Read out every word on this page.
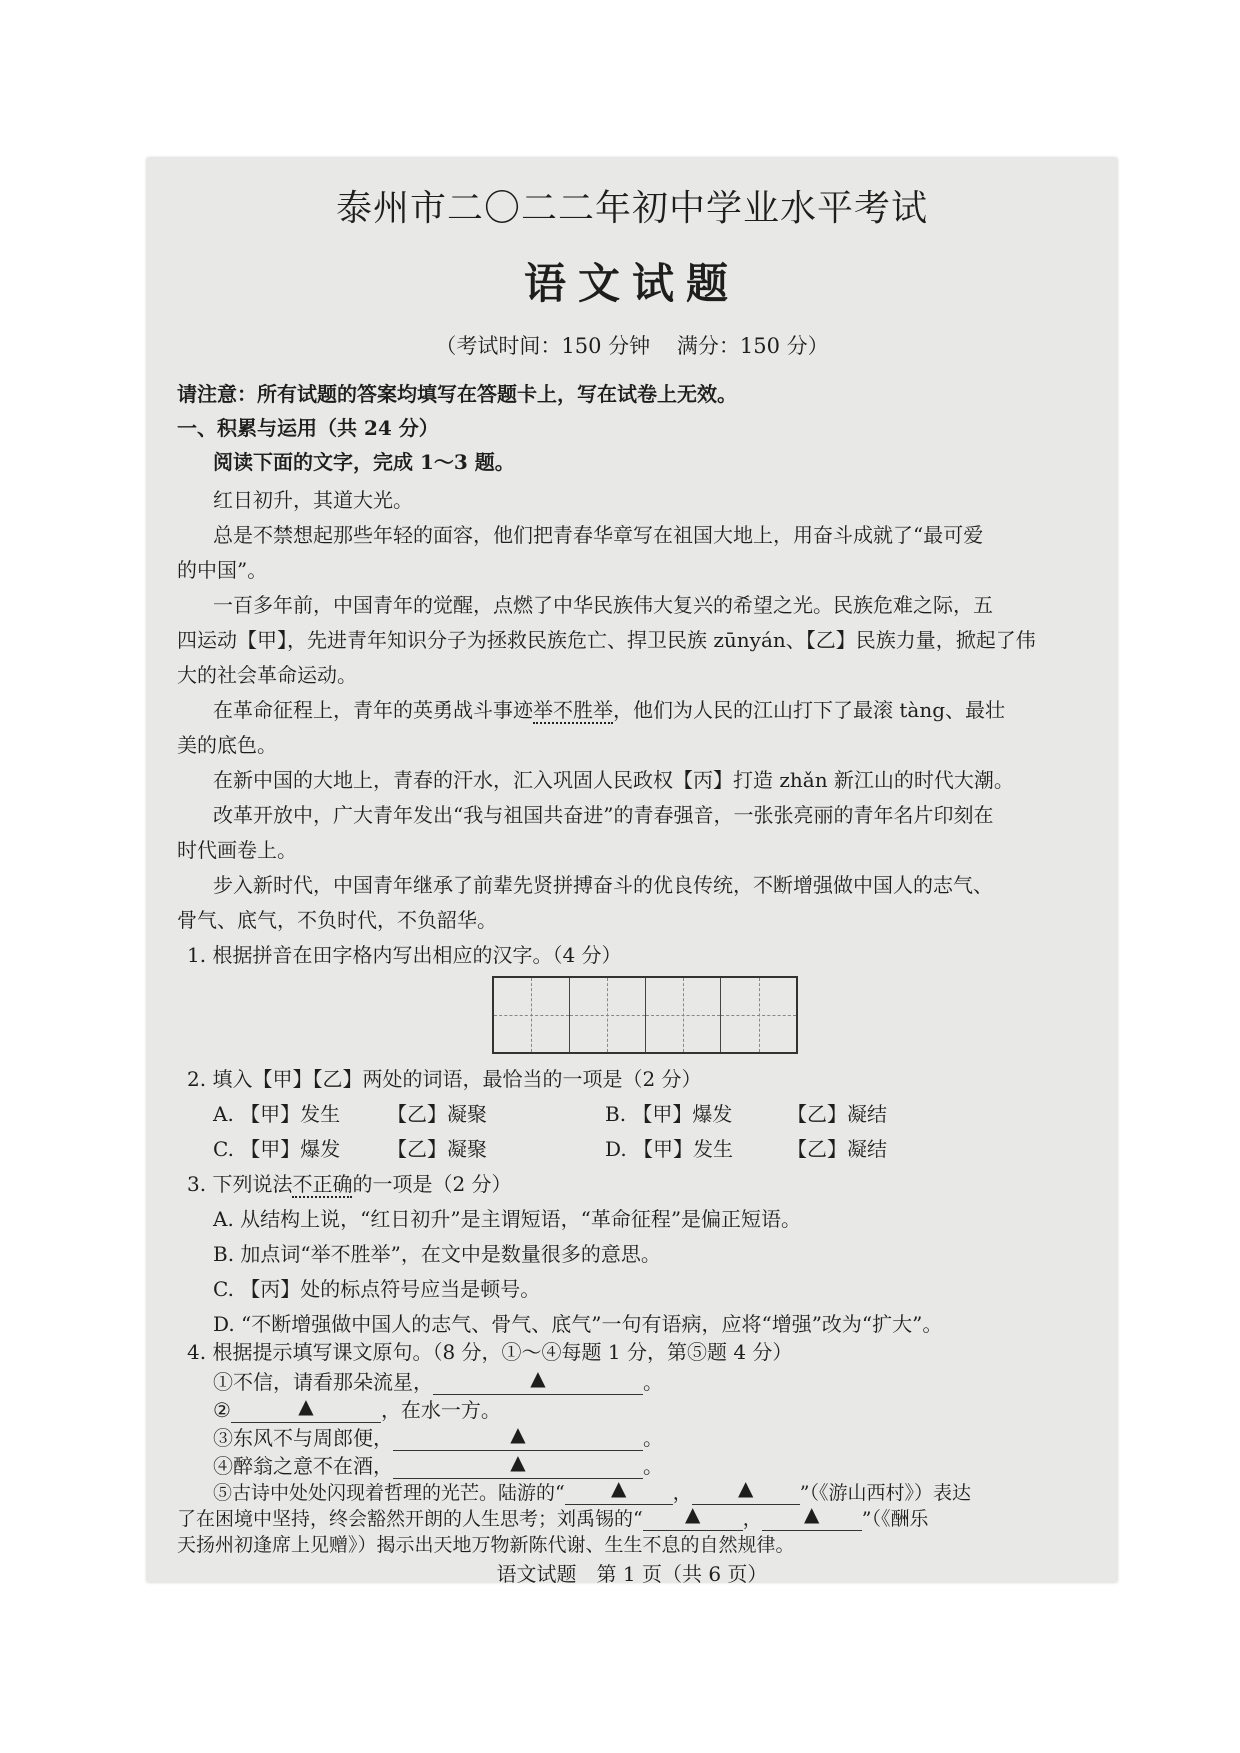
泰州市二〇二二年初中学业水平考试
语文试题
（考试时间：150 分钟 满分：150 分）
请注意：所有试题的答案均填写在答题卡上，写在试卷上无效。
一、积累与运用（共 24 分）
阅读下面的文字，完成 1～3 题。
红日初升，其道大光。
总是不禁想起那些年轻的面容，他们把青春华章写在祖国大地上，用奋斗成就了“最可爱
的中国”。
一百多年前，中国青年的觉醒，点燃了中华民族伟大复兴的希望之光。民族危难之际，五
四运动【甲】，先进青年知识分子为拯救民族危亡、捍卫民族 zūnyán、【乙】民族力量，掀起了伟
大的社会革命运动。
在革命征程上，青年的英勇战斗事迹举不胜举，他们为人民的江山打下了最滚 tàng、最壮
美的底色。
在新中国的大地上，青春的汗水，汇入巩固人民政权【丙】打造 zhǎn 新江山的时代大潮。
改革开放中，广大青年发出“我与祖国共奋进”的青春强音，一张张亮丽的青年名片印刻在
时代画卷上。
步入新时代，中国青年继承了前辈先贤拼搏奋斗的优良传统，不断增强做中国人的志气、
骨气、底气，不负时代，不负韶华。
1. 根据拼音在田字格内写出相应的汉字。（4 分）
2. 填入【甲】【乙】两处的词语，最恰当的一项是（2 分）
A. 【甲】发生 【乙】凝聚	B. 【甲】爆发	【乙】凝结
C. 【甲】爆发 【乙】凝聚	D. 【甲】发生	【乙】凝结
3. 下列说法不正确的一项是（2 分）
A. 从结构上说，“红日初升”是主谓短语，“革命征程”是偏正短语。
B. 加点词“举不胜举”，在文中是数量很多的意思。
C. 【丙】处的标点符号应当是顿号。
D. “不断增强做中国人的志气、骨气、底气”一句有语病，应将“增强”改为“扩大”。
4. 根据提示填写课文原句。（8 分，①～④每题 1 分，第⑤题 4 分）
①不信，请看那朵流星，	▲	。
②	▲	，在水一方。
③东风不与周郎便，	▲	。
④醉翁之意不在酒，	▲	。
⑤古诗中处处闪现着哲理的光芒。陆游的“ ▲ ， ▲ ”（《游山西村》）表达
了在困境中坚持，终会豁然开朗的人生思考；刘禹锡的“ ▲ ， ▲ ”（《酬乐
天扬州初逢席上见赠》）揭示出天地万物新陈代谢、生生不息的自然规律。
语文试题　第 1 页（共 6 页）
